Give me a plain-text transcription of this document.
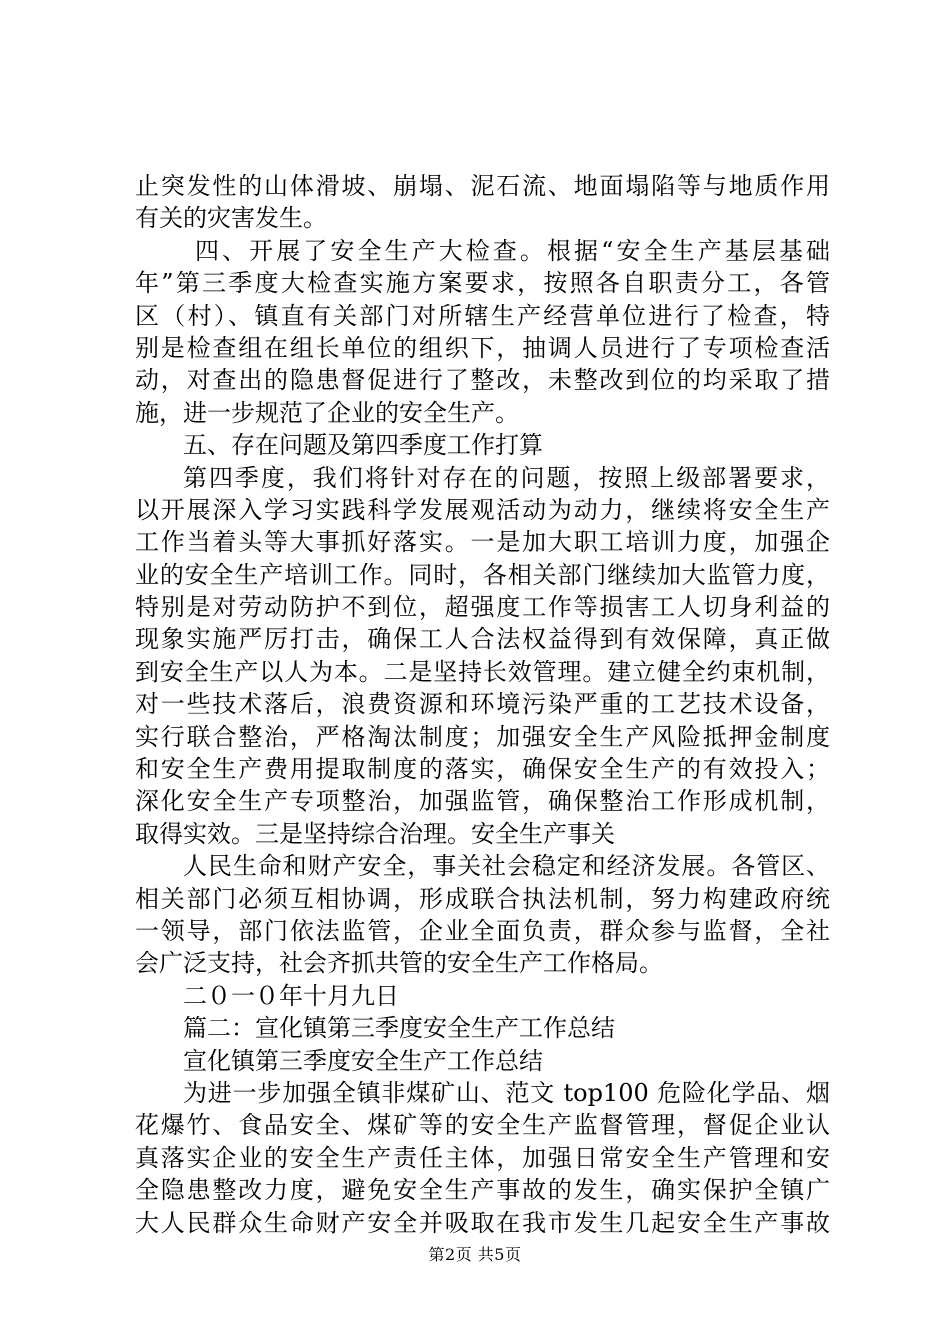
止突发性的山体滑坡、崩塌、泥石流、地面塌陷等与地质作用
有关的灾害发生。
四、开展了安全生产大检查。根据“安全生产基层基础
年”第三季度大检查实施方案要求，按照各自职责分工，各管
区（村）、镇直有关部门对所辖生产经营单位进行了检查，特
别是检查组在组长单位的组织下，抽调人员进行了专项检查活
动，对查出的隐患督促进行了整改，未整改到位的均采取了措
施，进一步规范了企业的安全生产。
五、存在问题及第四季度工作打算
第四季度，我们将针对存在的问题，按照上级部署要求，
以开展深入学习实践科学发展观活动为动力，继续将安全生产
工作当着头等大事抓好落实。一是加大职工培训力度，加强企
业的安全生产培训工作。同时，各相关部门继续加大监管力度，
特别是对劳动防护不到位，超强度工作等损害工人切身利益的
现象实施严厉打击，确保工人合法权益得到有效保障，真正做
到安全生产以人为本。二是坚持长效管理。建立健全约束机制，
对一些技术落后，浪费资源和环境污染严重的工艺技术设备，
实行联合整治，严格淘汰制度；加强安全生产风险抵押金制度
和安全生产费用提取制度的落实，确保安全生产的有效投入；
深化安全生产专项整治，加强监管，确保整治工作形成机制，
取得实效。三是坚持综合治理。安全生产事关
人民生命和财产安全，事关社会稳定和经济发展。各管区、
相关部门必须互相协调，形成联合执法机制，努力构建政府统
一领导，部门依法监管，企业全面负责，群众参与监督，全社
会广泛支持，社会齐抓共管的安全生产工作格局。
二０一０年十月九日
篇二：宣化镇第三季度安全生产工作总结
宣化镇第三季度安全生产工作总结
为进一步加强全镇非煤矿山、范文 top100 危险化学品、烟
花爆竹、食品安全、煤矿等的安全生产监督管理，督促企业认
真落实企业的安全生产责任主体，加强日常安全生产管理和安
全隐患整改力度，避免安全生产事故的发生，确实保护全镇广
大人民群众生命财产安全并吸取在我市发生几起安全生产事故
第2页 共5页
